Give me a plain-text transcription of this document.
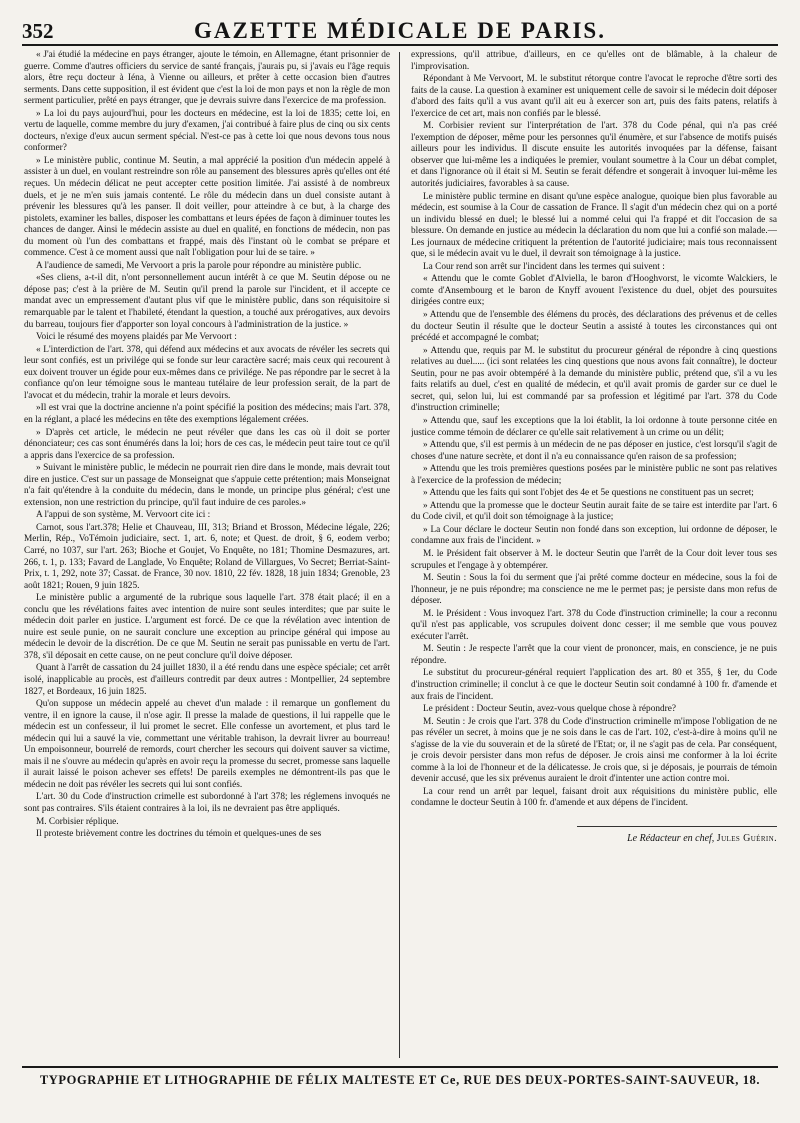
352	GAZETTE MÉDICALE DE PARIS.

« J'ai étudié la médecine en pays étranger, ajoute le témoin, en Allemagne, étant prisonnier de guerre. Comme d'autres officiers du service de santé français, j'aurais pu, si j'avais eu l'âge requis alors, être reçu docteur à Iéna, à Vienne ou ailleurs, et prêter à cette occasion bien d'autres serments. Dans cette supposition, il est évident que c'est la loi de mon pays et non la règle de mon serment particulier, prêté en pays étranger, que je devrais suivre dans l'exercice de ma profession.

» La loi du pays aujourd'hui, pour les docteurs en médecine, est la loi de 1835; cette loi, en vertu de laquelle, comme membre du jury d'examen, j'ai contribué à faire plus de cinq ou six cents docteurs, n'exige d'eux aucun serment spécial. N'est-ce pas à cette loi que nous devons tous nous conformer?

» Le ministère public, continue M. Seutin, a mal apprécié la position d'un médecin appelé à assister à un duel, en voulant restreindre son rôle au pansement des blessures après qu'elles ont été reçues. Un médecin délicat ne peut accepter cette position limitée. J'ai assisté à de nombreux duels, et je ne m'en suis jamais contenté. Le rôle du médecin dans un duel consiste autant à prévenir les blessures qu'à les panser. Il doit veiller, pour atteindre à ce but, à la charge des pistolets, examiner les balles, disposer les combattans et leurs épées de façon à diminuer toutes les chances de danger. Ainsi le médecin assiste au duel en qualité, en fonctions de médecin, non pas du moment où l'un des combattans et frappé, mais dès l'instant où le combat se prépare et commence. C'est à ce moment aussi que naît l'obligation pour lui de se taire. »

A l'audience de samedi, Me Vervoort a pris la parole pour répondre au ministère public.

«Ses cliens, a-t-il dit, n'ont personnellement aucun intérêt à ce que M. Seutin dépose ou ne dépose pas; c'est à la prière de M. Seutin qu'il prend la parole sur l'incident, et il accepte ce mandat avec un empressement d'autant plus vif que le ministère public, dans son réquisitoire si remarquable par le talent et l'habileté, étendant la question, a touché aux prérogatives, aux devoirs du barreau, toujours fier d'apporter son loyal concours à l'administration de la justice. »

Voici le résumé des moyens plaidés par Me Vervoort :

« L'interdiction de l'art. 378, qui défend aux médecins et aux avocats de révéler les secrets qui leur sont confiés, est un privilége qui se fonde sur leur caractère sacré; mais ceux qui recourent à eux doivent trouver un égide pour eux-mêmes dans ce privilége. Ne pas répondre par le secret à la confiance qu'on leur témoigne sous le manteau tutélaire de leur profession serait, de la part de l'avocat et du médecin, trahir la morale et leurs devoirs.

»Il est vrai que la doctrine ancienne n'a point spécifié la position des médecins; mais l'art. 378, en la réglant, a placé les médecins en tête des exemptions légalement créées.

» D'après cet article, le médecin ne peut révéler que dans les cas où il doit se porter dénonciateur; ces cas sont énumérés dans la loi; hors de ces cas, le médecin peut taire tout ce qu'il a appris dans l'exercice de sa profession.

» Suivant le ministère public, le médecin ne pourrait rien dire dans le monde, mais devrait tout dire en justice. C'est sur un passage de Monseignat que s'appuie cette prétention; mais Monseignat n'a fait qu'étendre à la conduite du médecin, dans le monde, un principe plus général; c'est une extension, non une restriction du principe, qu'il faut induire de ces paroles.»

A l'appui de son système, M. Vervoort cite ici :

Carnot, sous l'art.378; Helie et Chauveau, III, 313; Briand et Brosson, Médecine légale, 226; Merlin, Rép., VoTémoin judiciaire, sect. 1, art. 6, note; et Quest. de droit, § 6, eodem verbo; Carré, no 1037, sur l'art. 263; Bioche et Goujet, Vo Enquête, no 181; Thomine Desmazures, art. 266, t. 1, p. 133; Favard de Langlade, Vo Enquête; Roland de Villargues, Vo Secret; Berriat-Saint-Prix, t. 1, 292, note 37; Cassat. de France, 30 nov. 1810, 22 fév. 1828, 18 juin 1834; Grenoble, 23 août 1821; Rouen, 9 juin 1825.

Le ministère public a argumenté de la rubrique sous laquelle l'art. 378 était placé; il en a conclu que les révélations faites avec intention de nuire sont seules interdites; que par suite le médecin doit parler en justice. L'argument est forcé. De ce que la révélation avec intention de nuire est seule punie, on ne saurait conclure une exception au principe général qui impose au médecin le devoir de la discrétion. De ce que M. Seutin ne serait pas punissable en vertu de l'art. 378, s'il déposait en cette cause, on ne peut conclure qu'il doive déposer.

Quant à l'arrêt de cassation du 24 juillet 1830, il a été rendu dans une espèce spéciale; cet arrêt isolé, inapplicable au procès, est d'ailleurs contredit par deux autres : Montpellier, 24 septembre 1827, et Bordeaux, 16 juin 1825.

Qu'on suppose un médecin appelé au chevet d'un malade : il remarque un gonflement du ventre, il en ignore la cause, il n'ose agir. Il presse la malade de questions, il lui rappelle que le médecin est un confesseur, il lui promet le secret. Elle confesse un avortement, et plus tard le médecin qui lui a sauvé la vie, commettant une véritable trahison, la devrait livrer au bourreau! Un empoisonneur, bourrelé de remords, court chercher les secours qui doivent sauver sa victime, mais il ne s'ouvre au médecin qu'après en avoir reçu la promesse du secret, promesse sans laquelle il aurait laissé le poison achever ses effets! De pareils exemples ne démontrent-ils pas que le médecin ne doit pas révéler les secrets qui lui sont confiés.

L'art. 30 du Code d'instruction crimelle est subordonné à l'art 378; les réglemens invoqués ne sont pas contraires. S'ils étaient contraires à la loi, ils ne devraient pas être appliqués.

M. Corbisier réplique.

Il proteste brièvement contre les doctrines du témoin et quelques-unes de ses

expressions, qu'il attribue, d'ailleurs, en ce qu'elles ont de blâmable, à la chaleur de l'improvisation.

Répondant à Me Vervoort, M. le substitut rétorque contre l'avocat le reproche d'être sorti des faits de la cause. La question à examiner est uniquement celle de savoir si le médecin doit déposer d'abord des faits qu'il a vus avant qu'il ait eu à exercer son art, puis des faits patens, relatifs à l'exercice de cet art, mais non confiés par le blessé.

M. Corbisier revient sur l'interprétation de l'art. 378 du Code pénal, qui n'a pas créé l'exemption de déposer, même pour les personnes qu'il énumère, et sur l'absence de motifs puisés ailleurs pour les individus. Il discute ensuite les autorités invoquées par la défense, faisant observer que lui-même les a indiquées le premier, voulant soumettre à la Cour un débat complet, et dans l'ignorance où il était si M. Seutin se ferait défendre et songerait à invoquer lui-même les autorités judiciaires, favorables à sa cause.

Le ministère public termine en disant qu'une espèce analogue, quoique bien plus favorable au médecin, est soumise à la Cour de cassation de France. Il s'agit d'un médecin chez qui on a porté un individu blessé en duel; le blessé lui a nommé celui qui l'a frappé et dit l'occasion de sa blessure. On demande en justice au médecin la déclaration du nom que lui a confié son malade.— Les journaux de médecine critiquent la prétention de l'autorité judiciaire; mais tous reconnaissent que, si le médecin avait vu le duel, il devrait son témoignage à la justice.

La Cour rend son arrêt sur l'incident dans les termes qui suivent :

« Attendu que le comte Goblet d'Alviella, le baron d'Hooghvorst, le vicomte Walckiers, le comte d'Ansembourg et le baron de Knyff avouent l'existence du duel, objet des poursuites dirigées contre eux;

» Attendu que de l'ensemble des élémens du procès, des déclarations des prévenus et de celles du docteur Seutin il résulte que le docteur Seutin a assisté à toutes les circonstances qui ont précédé et accompagné le combat;

» Attendu que, requis par M. le substitut du procureur général de répondre à cinq questions relatives au duel..... (ici sont relatées les cinq questions que nous avons fait connaître), le docteur Seutin, pour ne pas avoir obtempéré à la demande du ministère public, prétend que, s'il a vu les faits relatifs au duel, c'est en qualité de médecin, et qu'il avait promis de garder sur ce duel le secret, qui, selon lui, lui est commandé par sa profession et légitimé par l'art. 378 du Code d'instruction criminelle;

» Attendu que, sauf les exceptions que la loi établit, la loi ordonne à toute personne citée en justice comme témoin de déclarer ce qu'elle sait relativement à un crime ou un délit;

» Attendu que, s'il est permis à un médecin de ne pas déposer en justice, c'est lorsqu'il s'agit de choses d'une nature secrète, et dont il n'a eu connaissance qu'en raison de sa profession;

» Attendu que les trois premières questions posées par le ministère public ne sont pas relatives à l'exercice de la profession de médecin;

» Attendu que les faits qui sont l'objet des 4e et 5e questions ne constituent pas un secret;

» Attendu que la promesse que le docteur Seutin aurait faite de se taire est interdite par l'art. 6 du Code civil, et qu'il doit son témoignage à la justice;

» La Cour déclare le docteur Seutin non fondé dans son exception, lui ordonne de déposer, le condamne aux frais de l'incident. »

M. le Président fait observer à M. le docteur Seutin que l'arrêt de la Cour doit lever tous ses scrupules et l'engage à y obtempérer.

M. Seutin : Sous la foi du serment que j'ai prêté comme docteur en médecine, sous la foi de l'honneur, je ne puis répondre; ma conscience ne me le permet pas; je persiste dans mon refus de déposer.

M. le Président : Vous invoquez l'art. 378 du Code d'instruction criminelle; la cour a reconnu qu'il n'est pas applicable, vos scrupules doivent donc cesser; il me semble que vous pouvez exécuter l'arrêt.

M. Seutin : Je respecte l'arrêt que la cour vient de prononcer, mais, en conscience, je ne puis répondre.

Le substitut du procureur-général requiert l'application des art. 80 et 355, § 1er, du Code d'instruction criminelle; il conclut à ce que le docteur Seutin soit condamné à 100 fr. d'amende et aux frais de l'incident.

Le président : Docteur Seutin, avez-vous quelque chose à répondre?

M. Seutin : Je crois que l'art. 378 du Code d'instruction criminelle m'impose l'obligation de ne pas révéler un secret, à moins que je ne sois dans le cas de l'art. 102, c'est-à-dire à moins qu'il ne s'agisse de la vie du souverain et de la sûreté de l'Etat; or, il ne s'agit pas de cela. Par conséquent, je crois devoir persister dans mon refus de déposer. Je crois ainsi me conformer à la loi écrite comme à la loi de l'honneur et de la délicatesse. Je crois que, si je déposais, je pourrais de témoin devenir accusé, que les six prévenus auraient le droit d'intenter une action contre moi.

La cour rend un arrêt par lequel, faisant droit aux réquisitions du ministère public, elle condamne le docteur Seutin à 100 fr. d'amende et aux dépens de l'incident.

Le Rédacteur en chef, Jules Guérin.
TYPOGRAPHIE ET LITHOGRAPHIE DE FÉLIX MALTESTE ET Ce, RUE DES DEUX-PORTES-SAINT-SAUVEUR, 18.
